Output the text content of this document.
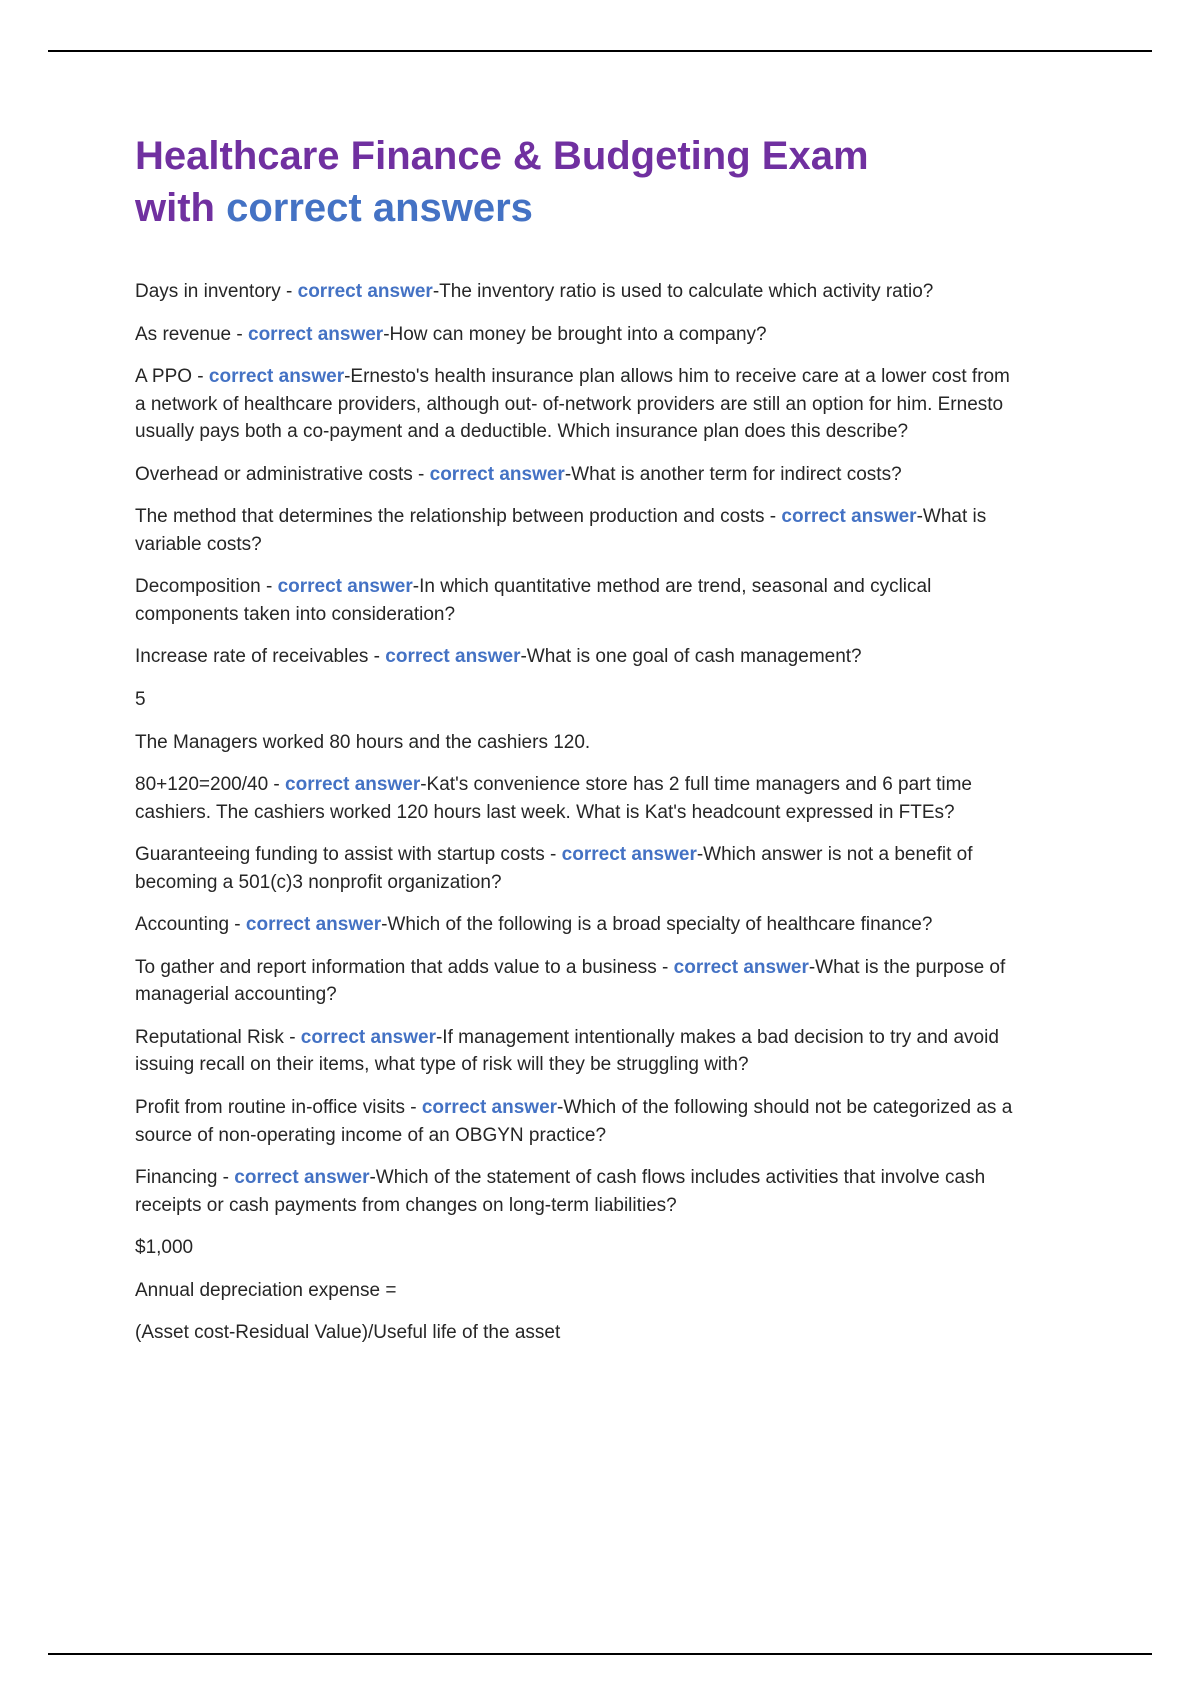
Healthcare Finance & Budgeting Exam
with correct answers

Days in inventory - correct answer-The inventory ratio is used to calculate which activity ratio?

As revenue - correct answer-How can money be brought into a company?

A PPO - correct answer-Ernesto's health insurance plan allows him to receive care at a lower cost from a network of healthcare providers, although out- of-network providers are still an option for him. Ernesto usually pays both a co-payment and a deductible. Which insurance plan does this describe?

Overhead or administrative costs - correct answer-What is another term for indirect costs?

The method that determines the relationship between production and costs - correct answer-What is variable costs?

Decomposition - correct answer-In which quantitative method are trend, seasonal and cyclical components taken into consideration?

Increase rate of receivables - correct answer-What is one goal of cash management?

5

The Managers worked 80 hours and the cashiers 120.

80+120=200/40 - correct answer-Kat's convenience store has 2 full time managers and 6 part time cashiers. The cashiers worked 120 hours last week. What is Kat's headcount expressed in FTEs?

Guaranteeing funding to assist with startup costs - correct answer-Which answer is not a benefit of becoming a 501(c)3 nonprofit organization?

Accounting - correct answer-Which of the following is a broad specialty of healthcare finance?

To gather and report information that adds value to a business - correct answer-What is the purpose of managerial accounting?

Reputational Risk - correct answer-If management intentionally makes a bad decision to try and avoid issuing recall on their items, what type of risk will they be struggling with?

Profit from routine in-office visits - correct answer-Which of the following should not be categorized as a source of non-operating income of an OBGYN practice?

Financing - correct answer-Which of the statement of cash flows includes activities that involve cash receipts or cash payments from changes on long-term liabilities?

$1,000

Annual depreciation expense =

(Asset cost-Residual Value)/Useful life of the asset
